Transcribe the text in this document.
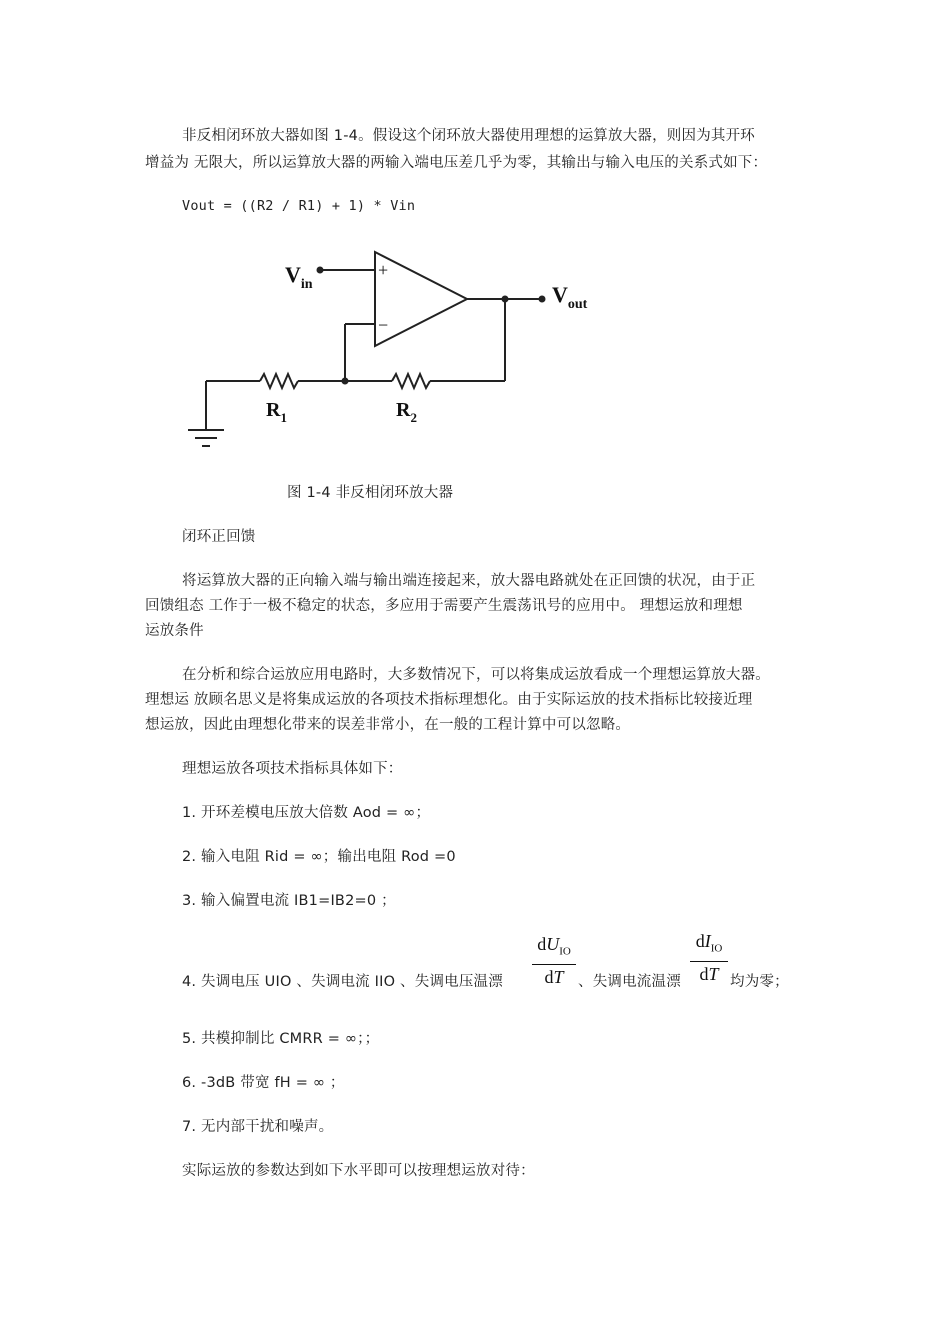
非反相闭环放大器如图 1-4。假设这个闭环放大器使用理想的运算放大器，则因为其开环
增益为 无限大，所以运算放大器的两输入端电压差几乎为零，其输出与输入电压的关系式如下：
Vout = ((R2 / R1) + 1) * Vin
+
−
$V_{in}$	$V_{out}$
$R_1$	$R_2$
图 1-4 非反相闭环放大器
闭环正回馈
将运算放大器的正向输入端与输出端连接起来，放大器电路就处在正回馈的状况，由于正
回馈组态 工作于一极不稳定的状态，多应用于需要产生震荡讯号的应用中。 理想运放和理想
运放条件
在分析和综合运放应用电路时，大多数情况下，可以将集成运放看成一个理想运算放大器。
理想运 放顾名思义是将集成运放的各项技术指标理想化。由于实际运放的技术指标比较接近理
想运放，因此由理想化带来的误差非常小，在一般的工程计算中可以忽略。
理想运放各项技术指标具体如下：
1. 开环差模电压放大倍数 Aod = ∞；
2. 输入电阻 Rid = ∞；输出电阻 Rod =0
3. 输入偏置电流 IB1=IB2=0 ；
4. 失调电压 UIO 、失调电流 IIO 、失调电压温漂
$dU_{IO}$
dT	、失调电流温漂
$dI_{IO}$
dT 均为零；
5. 共模抑制比 CMRR = ∞；；
6. -3dB 带宽 fH = ∞ ；
7. 无内部干扰和噪声。
实际运放的参数达到如下水平即可以按理想运放对待：
